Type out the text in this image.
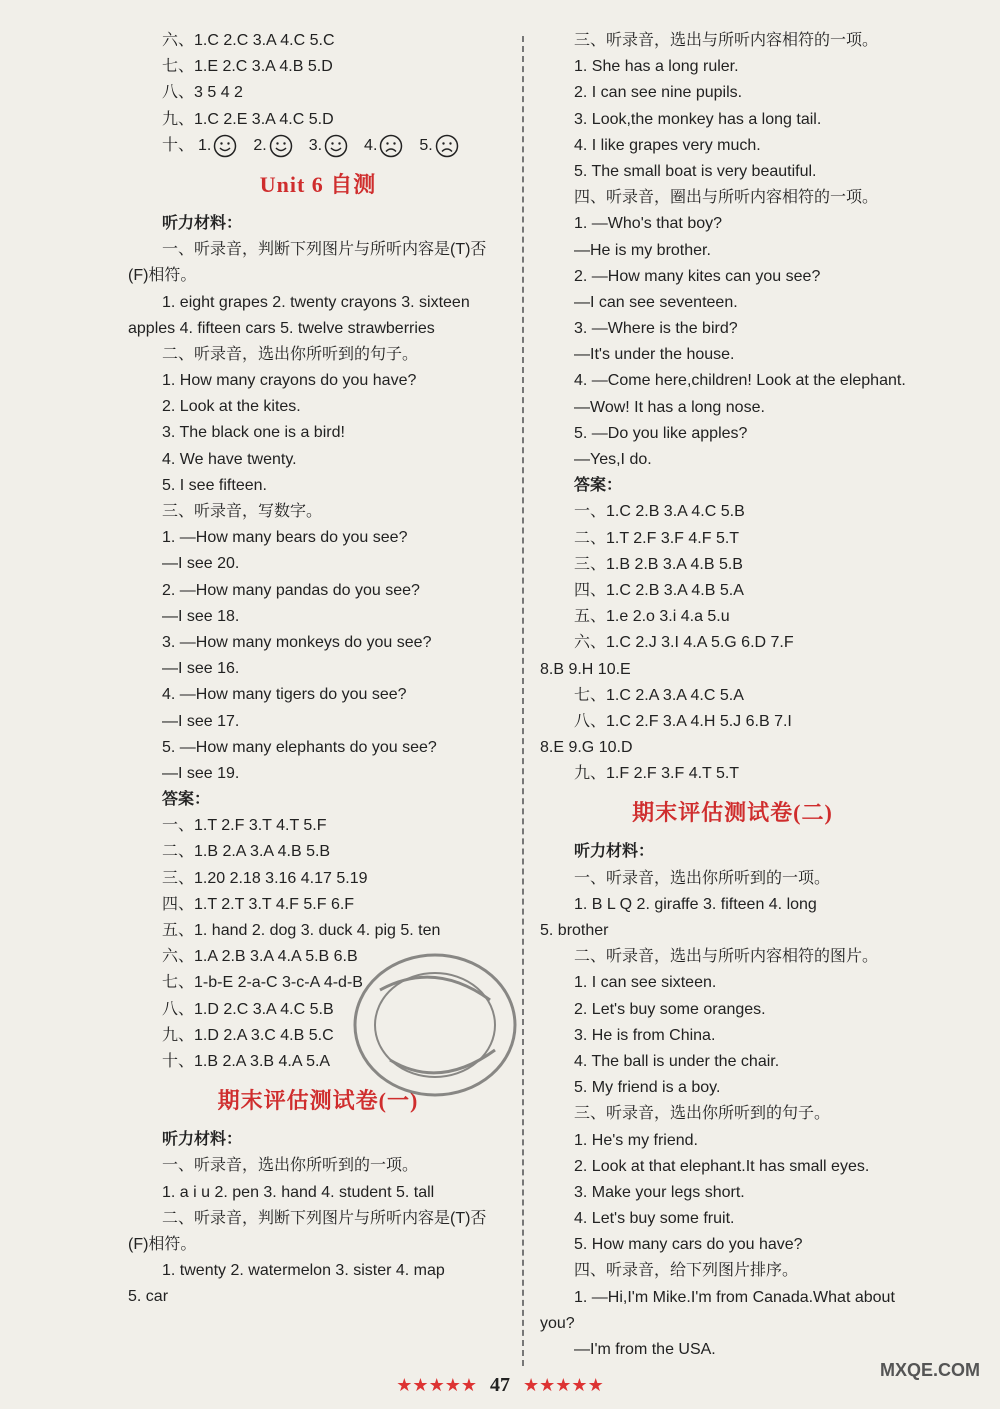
六、1.C 2.C 3.A 4.C 5.C
七、1.E 2.C 3.A 4.B 5.D
八、3 5 4 2
九、1.C 2.E 3.A 4.C 5.D
十、 1.	2.	3.	4.	5.
Unit 6 自测
听力材料：
一、听录音，判断下列图片与所听内容是(T)否
(F)相符。
1. eight grapes 2. twenty crayons 3. sixteen
apples 4. fifteen cars 5. twelve strawberries
二、听录音，选出你所听到的句子。
1. How many crayons do you have?
2. Look at the kites.
3. The black one is a bird!
4. We have twenty.
5. I see fifteen.
三、听录音，写数字。
1. —How many bears do you see?
—I see 20.
2. —How many pandas do you see?
—I see 18.
3. —How many monkeys do you see?
—I see 16.
4. —How many tigers do you see?
—I see 17.
5. —How many elephants do you see?
—I see 19.
答案：
一、1.T 2.F 3.T 4.T 5.F
二、1.B 2.A 3.A 4.B 5.B
三、1.20 2.18 3.16 4.17 5.19
四、1.T 2.T 3.T 4.F 5.F 6.F
五、1. hand 2. dog 3. duck 4. pig 5. ten
六、1.A 2.B 3.A 4.A 5.B 6.B
七、1-b-E 2-a-C 3-c-A 4-d-B
八、1.D 2.C 3.A 4.C 5.B
九、1.D 2.A 3.C 4.B 5.C
十、1.B 2.A 3.B 4.A 5.A
期末评估测试卷(一)
听力材料：
一、听录音，选出你所听到的一项。
1. a i u 2. pen 3. hand 4. student 5. tall
二、听录音，判断下列图片与所听内容是(T)否
(F)相符。
1. twenty 2. watermelon 3. sister 4. map
5. car
三、听录音，选出与所听内容相符的一项。
1. She has a long ruler.
2. I can see nine pupils.
3. Look,the monkey has a long tail.
4. I like grapes very much.
5. The small boat is very beautiful.
四、听录音，圈出与所听内容相符的一项。
1. —Who's that boy?
—He is my brother.
2. —How many kites can you see?
—I can see seventeen.
3. —Where is the bird?
—It's under the house.
4. —Come here,children! Look at the elephant.
—Wow! It has a long nose.
5. —Do you like apples?
—Yes,I do.
答案：
一、1.C 2.B 3.A 4.C 5.B
二、1.T 2.F 3.F 4.F 5.T
三、1.B 2.B 3.A 4.B 5.B
四、1.C 2.B 3.A 4.B 5.A
五、1.e 2.o 3.i 4.a 5.u
六、1.C 2.J 3.I 4.A 5.G 6.D 7.F
8.B 9.H 10.E
七、1.C 2.A 3.A 4.C 5.A
八、1.C 2.F 3.A 4.H 5.J 6.B 7.I
8.E 9.G 10.D
九、1.F 2.F 3.F 4.T 5.T
期末评估测试卷(二)
听力材料：
一、听录音，选出你所听到的一项。
1. B L Q 2. giraffe 3. fifteen 4. long
5. brother
二、听录音，选出与所听内容相符的图片。
1. I can see sixteen.
2. Let's buy some oranges.
3. He is from China.
4. The ball is under the chair.
5. My friend is a boy.
三、听录音，选出你所听到的句子。
1. He's my friend.
2. Look at that elephant.It has small eyes.
3. Make your legs short.
4. Let's buy some fruit.
5. How many cars do you have?
四、听录音，给下列图片排序。
1. —Hi,I'm Mike.I'm from Canada.What about
you?
—I'm from the USA.
★★★★★ 47 ★★★★★
MXQE.COM
